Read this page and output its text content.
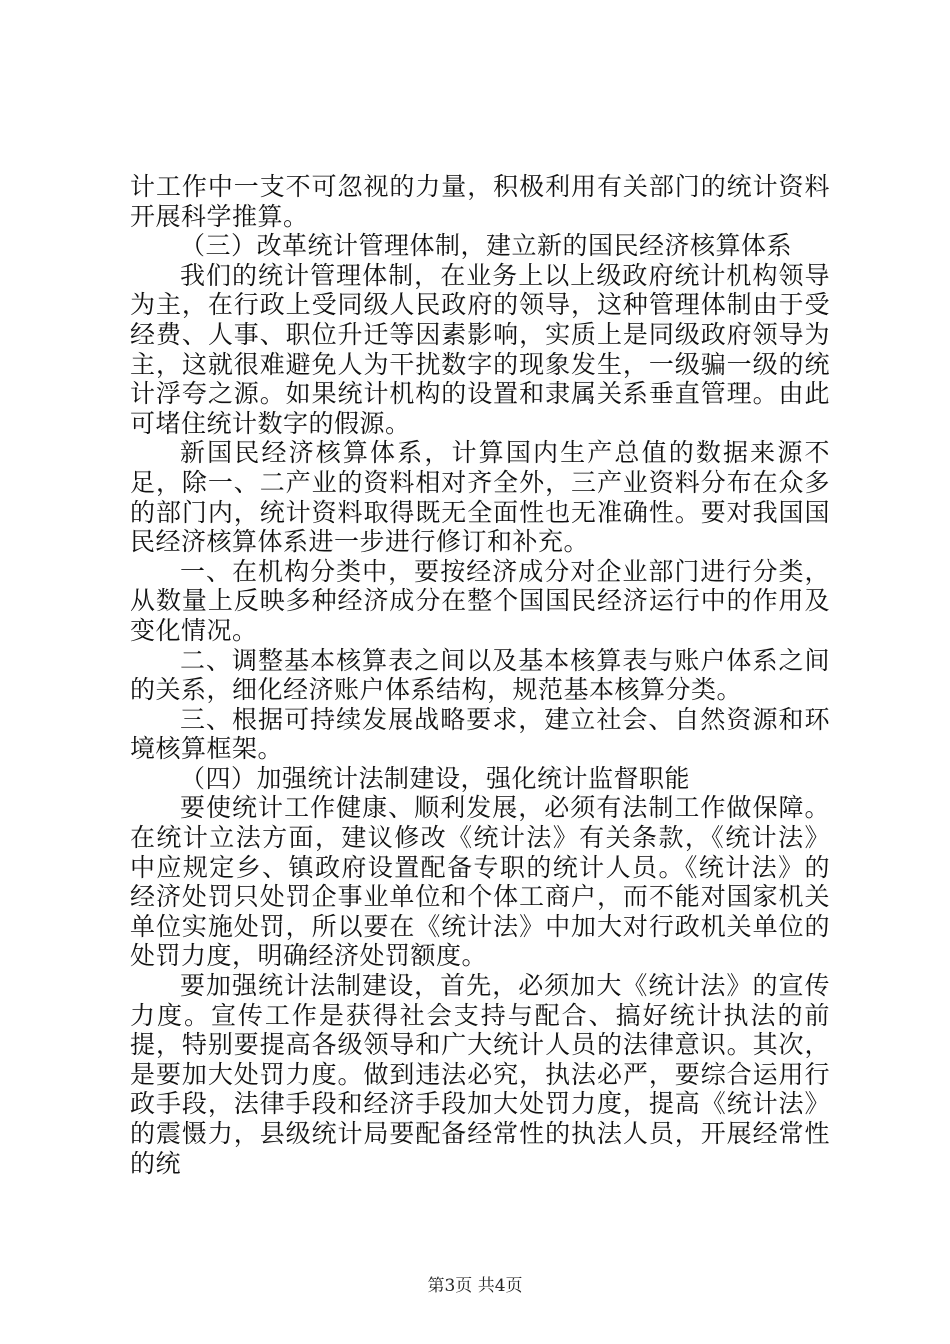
计工作中一支不可忽视的力量，积极利用有关部门的统计资料开展科学推算。

（三）改革统计管理体制，建立新的国民经济核算体系

我们的统计管理体制，在业务上以上级政府统计机构领导为主，在行政上受同级人民政府的领导，这种管理体制由于受经费、人事、职位升迁等因素影响，实质上是同级政府领导为主，这就很难避免人为干扰数字的现象发生，一级骗一级的统计浮夸之源。如果统计机构的设置和隶属关系垂直管理。由此可堵住统计数字的假源。

新国民经济核算体系，计算国内生产总值的数据来源不足，除一、二产业的资料相对齐全外，三产业资料分布在众多的部门内，统计资料取得既无全面性也无准确性。要对我国国民经济核算体系进一步进行修订和补充。

一、在机构分类中，要按经济成分对企业部门进行分类，从数量上反映多种经济成分在整个国国民经济运行中的作用及变化情况。

二、调整基本核算表之间以及基本核算表与账户体系之间的关系，细化经济账户体系结构，规范基本核算分类。

三、根据可持续发展战略要求，建立社会、自然资源和环境核算框架。

（四）加强统计法制建设，强化统计监督职能

要使统计工作健康、顺利发展，必须有法制工作做保障。在统计立法方面，建议修改《统计法》有关条款，《统计法》中应规定乡、镇政府设置配备专职的统计人员。《统计法》的经济处罚只处罚企事业单位和个体工商户，而不能对国家机关单位实施处罚，所以要在《统计法》中加大对行政机关单位的处罚力度，明确经济处罚额度。

要加强统计法制建设，首先，必须加大《统计法》的宣传力度。宣传工作是获得社会支持与配合、搞好统计执法的前提，特别要提高各级领导和广大统计人员的法律意识。其次，是要加大处罚力度。做到违法必究，执法必严，要综合运用行政手段，法律手段和经济手段加大处罚力度，提高《统计法》的震慑力，县级统计局要配备经常性的执法人员，开展经常性的统

第3页 共4页
